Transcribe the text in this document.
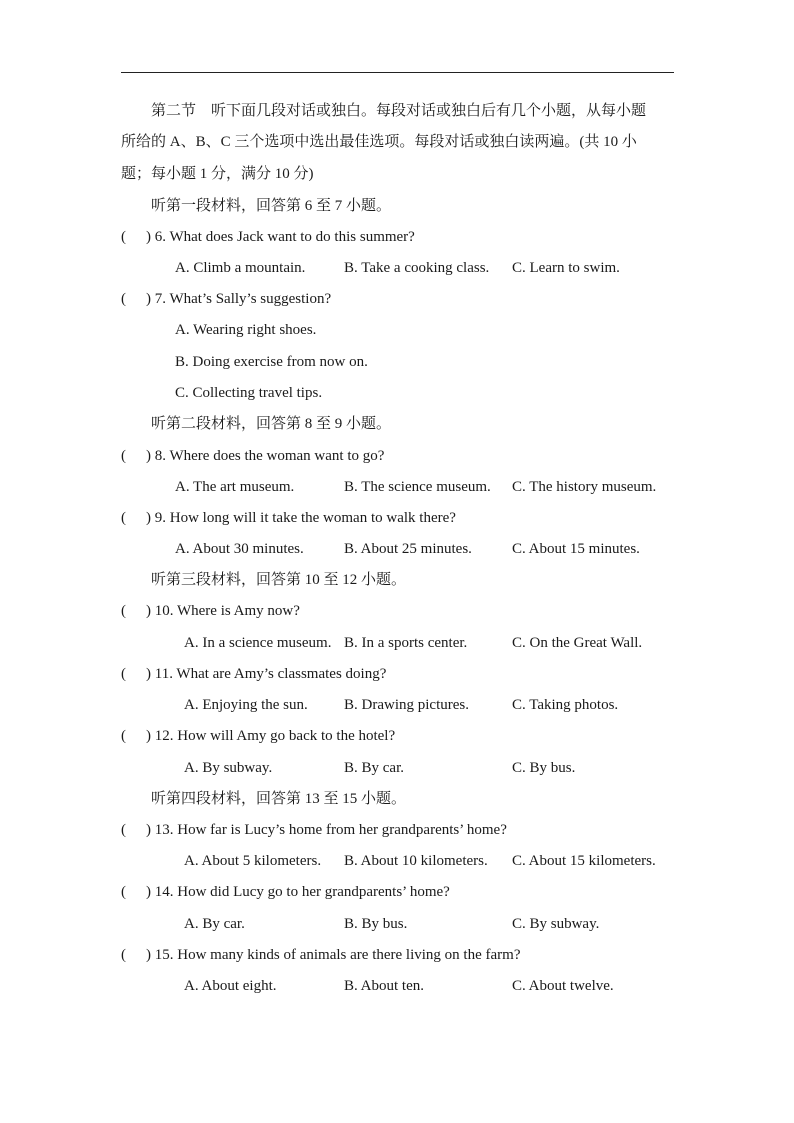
第二节　听下面几段对话或独白。每段对话或独白后有几个小题，从每小题
所给的 A、B、C 三个选项中选出最佳选项。每段对话或独白读两遍。(共 10 小
题；每小题 1 分，满分 10 分)
听第一段材料，回答第 6 至 7 小题。
( ) 6. What does Jack want to do this summer?
A. Climb a mountain.	B. Take a cooking class. C. Learn to swim.
( ) 7. What’s Sally’s suggestion?
A. Wearing right shoes.
B. Doing exercise from now on.
C. Collecting travel tips.
听第二段材料，回答第 8 至 9 小题。
( ) 8. Where does the woman want to go?
A. The art museum.	B. The science museum. C. The history museum.
( ) 9. How long will it take the woman to walk there?
A. About 30 minutes.	B. About 25 minutes.	C. About 15 minutes.
听第三段材料，回答第 10 至 12 小题。
( ) 10. Where is Amy now?
A. In a science museum. B. In a sports center.	C. On the Great Wall.
( ) 11. What are Amy’s classmates doing?
A. Enjoying the sun. B. Drawing pictures.	C. Taking photos.
( ) 12. How will Amy go back to the hotel?
A. By subway.	B. By car.	C. By bus.
听第四段材料，回答第 13 至 15 小题。
( ) 13. How far is Lucy’s home from her grandparents’ home?
A. About 5 kilometers. B. About 10 kilometers. C. About 15 kilometers.
( ) 14. How did Lucy go to her grandparents’ home?
A. By car.	B. By bus.	C. By subway.
( ) 15. How many kinds of animals are there living on the farm?
A. About eight.	B. About ten.	C. About twelve.
